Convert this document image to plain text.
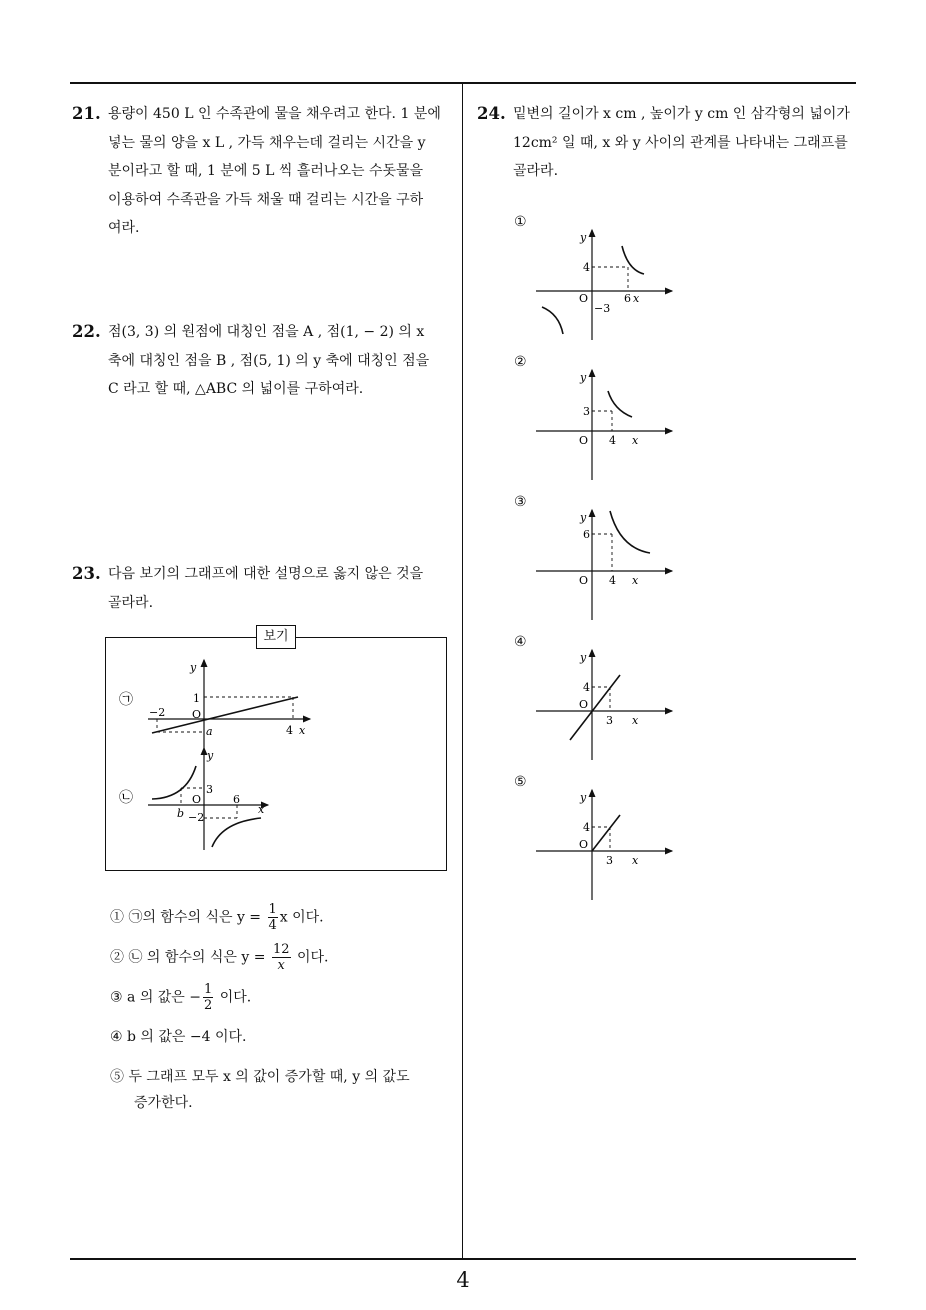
4
21. 용량이 450 L 인 수족관에 물을 채우려고 한다. 1 분에
넣는 물의 양을 x L , 가득 채우는데 걸리는 시간을 y
분이라고 할 때, 1 분에 5 L 씩 흘러나오는 수돗물을
이용하여 수족관을 가득 채울 때 걸리는 시간을 구하
여라.
22. 점(3, 3) 의 원점에 대칭인 점을 A , 점(1, − 2) 의 x
축에 대칭인 점을 B , 점(5, 1) 의 y 축에 대칭인 점을
C 라고 할 때, △ABC 의 넓이를 구하여라.
23. 다음 보기의 그래프에 대한 설명으로 옳지 않은 것을
골라라.
㉠
y
1
O
−2
a	4 x
㉡
y
3
O	6
b −2
x
보기
① ㉠의 함수의 식은 $y = \frac{1}{4}$ x 이다.
② ㉡ 의 함수의 식은 $y = \frac{12}{x}$ 이다.
③ a 의 값은 − $\frac{1}{2}$ 이다.
④ b 의 값은 −4 이다.
⑤ 두 그래프 모두 x 의 값이 증가할 때, y 의 값도
증가한다.
24. 밑변의 길이가 x cm , 높이가 y cm 인 삼각형의 넓이가
12cm² 일 때, x 와 y 사이의 관계를 나타내는 그래프를
골라라.
①
y
4
O
−3
6 x
②
y
3
O 4 x
③
y
6
O 4 x
④
y
4
O
3 x
⑤
y
4
O
3 x
